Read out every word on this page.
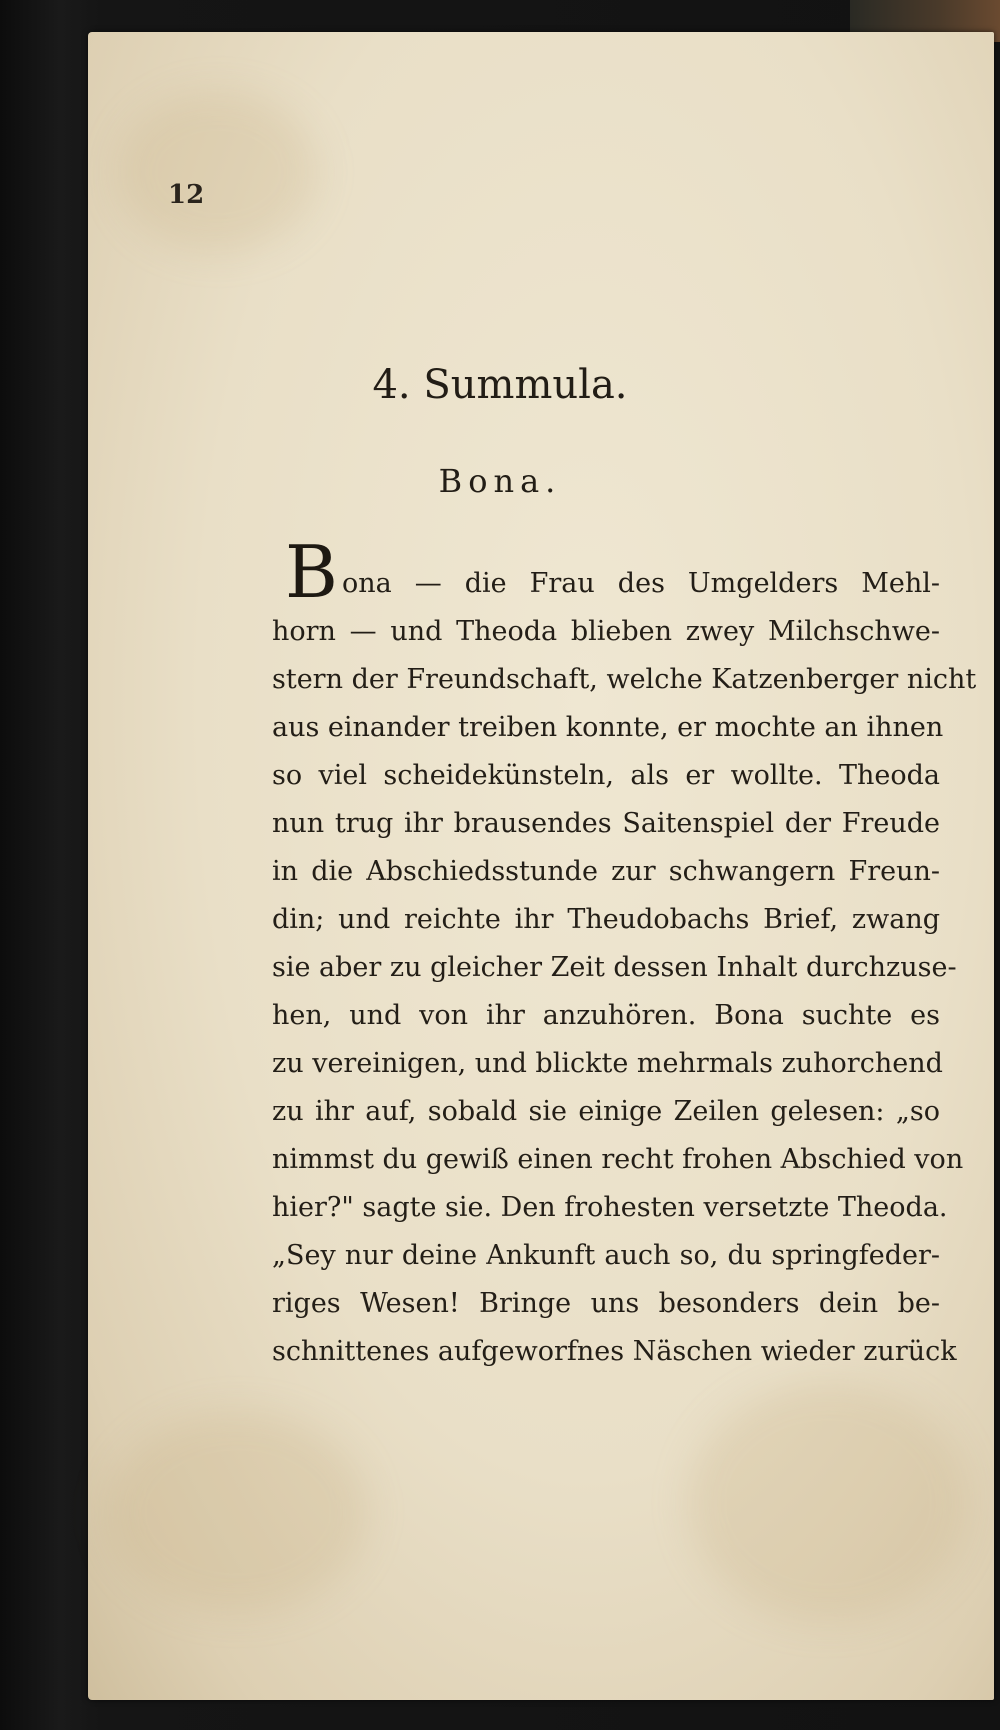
12
4. Summula.
Bona.
B ona — die Frau des Umgelders Mehl-
horn — und Theoda blieben zwey Milchschwe-
stern der Freundschaft, welche Katzenberger nicht
aus einander treiben konnte, er mochte an ihnen
so viel scheidekünsteln, als er wollte. Theoda
nun trug ihr brausendes Saitenspiel der Freude
in die Abschiedsstunde zur schwangern Freun-
din; und reichte ihr Theudobachs Brief, zwang
sie aber zu gleicher Zeit dessen Inhalt durchzuse-
hen, und von ihr anzuhören. Bona suchte es
zu vereinigen, und blickte mehrmals zuhorchend
zu ihr auf, sobald sie einige Zeilen gelesen: „so
nimmst du gewiß einen recht frohen Abschied von
hier?" sagte sie. Den frohesten versetzte Theoda.
„Sey nur deine Ankunft auch so, du springfeder-
riges Wesen! Bringe uns besonders dein be-
schnittenes aufgeworfnes Näschen wieder zurück
